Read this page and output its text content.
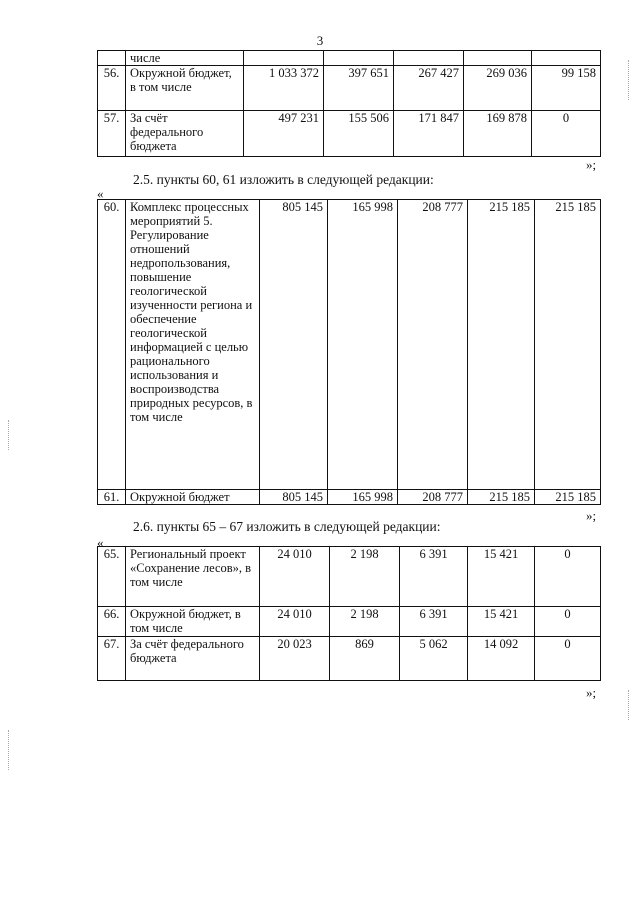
3
	числе					
56.	Окружной бюджет, в том числе	1 033 372	397 651	267 427	269 036	99 158
57.	За счёт федерального бюджета	497 231	155 506	171 847	169 878	0
»;
2.5. пункты 60, 61 изложить в следующей редакции:
«
60.	Комплекс процессных мероприятий 5. Регулирование отношений недропользования, повышение геологической изученности региона и обеспечение геологической информацией с целью рационального использования и воспроизводства природных ресурсов, в том числе	805 145	165 998	208 777	215 185	215 185
61.	Окружной бюджет	805 145	165 998	208 777	215 185	215 185
»;
2.6. пункты 65 – 67 изложить в следующей редакции:
«
65.	Региональный проект «Сохранение лесов», в том числе	24 010	2 198	6 391	15 421	0
66.	Окружной бюджет, в том числе	24 010	2 198	6 391	15 421	0
67.	За счёт федерального бюджета	20 023	869	5 062	14 092	0
»;
